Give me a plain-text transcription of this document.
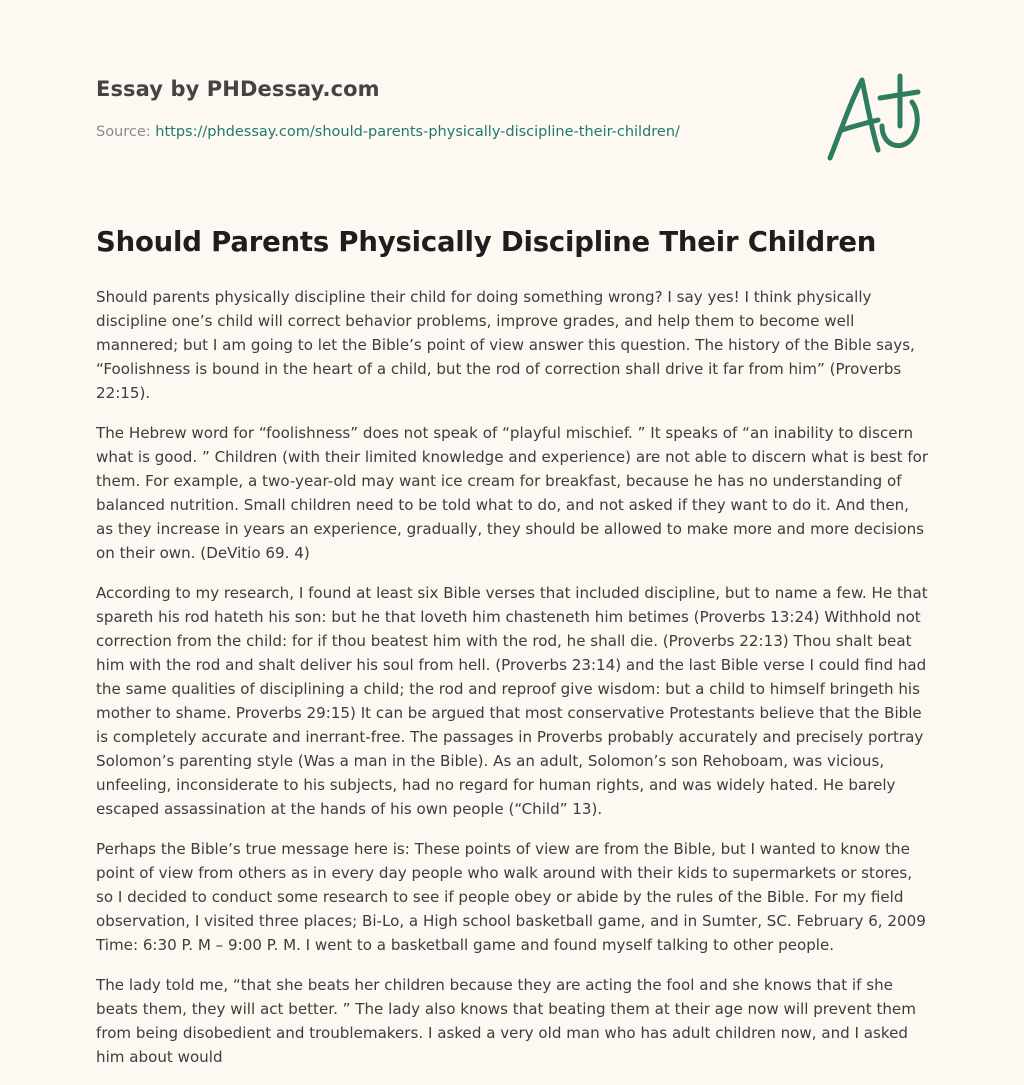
Essay by PHDessay.com
Source: https://phdessay.com/should-parents-physically-discipline-their-children/
Should Parents Physically Discipline Their Children

Should parents physically discipline their child for doing something wrong? I say yes! I think physically discipline one’s child will correct behavior problems, improve grades, and help them to become well mannered; but I am going to let the Bible’s point of view answer this question. The history of the Bible says, “Foolishness is bound in the heart of a child, but the rod of correction shall drive it far from him” (Proverbs 22:15).

The Hebrew word for “foolishness” does not speak of “playful mischief. ” It speaks of “an inability to discern what is good. ” Children (with their limited knowledge and experience) are not able to discern what is best for them. For example, a two-year-old may want ice cream for breakfast, because he has no understanding of balanced nutrition. Small children need to be told what to do, and not asked if they want to do it. And then, as they increase in years an experience, gradually, they should be allowed to make more and more decisions on their own. (DeVitio 69. 4)

According to my research, I found at least six Bible verses that included discipline, but to name a few. He that spareth his rod hateth his son: but he that loveth him chasteneth him betimes (Proverbs 13:24) Withhold not correction from the child: for if thou beatest him with the rod, he shall die. (Proverbs 22:13) Thou shalt beat him with the rod and shalt deliver his soul from hell. (Proverbs 23:14) and the last Bible verse I could find had the same qualities of disciplining a child; the rod and reproof give wisdom: but a child to himself bringeth his mother to shame. Proverbs 29:15) It can be argued that most conservative Protestants believe that the Bible is completely accurate and inerrant-free. The passages in Proverbs probably accurately and precisely portray Solomon’s parenting style (Was a man in the Bible). As an adult, Solomon’s son Rehoboam, was vicious, unfeeling, inconsiderate to his subjects, had no regard for human rights, and was widely hated. He barely escaped assassination at the hands of his own people (“Child” 13).

Perhaps the Bible’s true message here is: These points of view are from the Bible, but I wanted to know the point of view from others as in every day people who walk around with their kids to supermarkets or stores, so I decided to conduct some research to see if people obey or abide by the rules of the Bible. For my field observation, I visited three places; Bi-Lo, a High school basketball game, and in Sumter, SC. February 6, 2009 Time: 6:30 P. M – 9:00 P. M. I went to a basketball game and found myself talking to other people.

The lady told me, “that she beats her children because they are acting the fool and she knows that if she beats them, they will act better. ” The lady also knows that beating them at their age now will prevent them from being disobedient and troublemakers. I asked a very old man who has adult children now, and I asked him about would
